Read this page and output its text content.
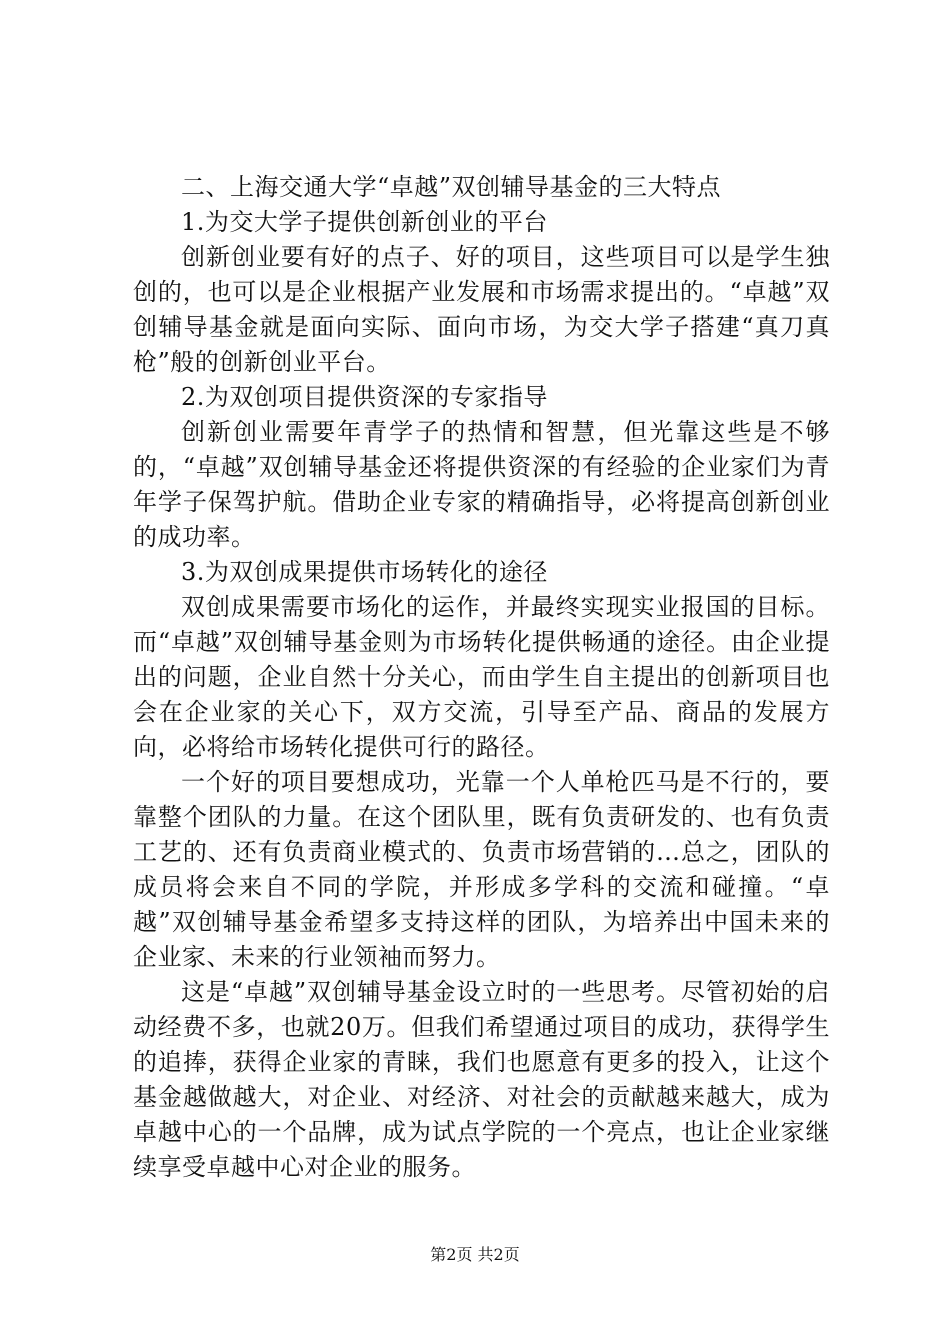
二、上海交通大学“卓越”双创辅导基金的三大特点

1.为交大学子提供创新创业的平台

创新创业要有好的点子、好的项目，这些项目可以是学生独创的，也可以是企业根据产业发展和市场需求提出的。“卓越”双创辅导基金就是面向实际、面向市场，为交大学子搭建“真刀真枪”般的创新创业平台。

2.为双创项目提供资深的专家指导

创新创业需要年青学子的热情和智慧，但光靠这些是不够的，“卓越”双创辅导基金还将提供资深的有经验的企业家们为青年学子保驾护航。借助企业专家的精确指导，必将提高创新创业的成功率。

3.为双创成果提供市场转化的途径

双创成果需要市场化的运作，并最终实现实业报国的目标。而“卓越”双创辅导基金则为市场转化提供畅通的途径。由企业提出的问题，企业自然十分关心，而由学生自主提出的创新项目也会在企业家的关心下，双方交流，引导至产品、商品的发展方向，必将给市场转化提供可行的路径。

一个好的项目要想成功，光靠一个人单枪匹马是不行的，要靠整个团队的力量。在这个团队里，既有负责研发的、也有负责工艺的、还有负责商业模式的、负责市场营销的…总之，团队的成员将会来自不同的学院，并形成多学科的交流和碰撞。“卓越”双创辅导基金希望多支持这样的团队，为培养出中国未来的企业家、未来的行业领袖而努力。

这是“卓越”双创辅导基金设立时的一些思考。尽管初始的启动经费不多，也就20万。但我们希望通过项目的成功，获得学生的追捧，获得企业家的青睐，我们也愿意有更多的投入，让这个基金越做越大，对企业、对经济、对社会的贡献越来越大，成为卓越中心的一个品牌，成为试点学院的一个亮点，也让企业家继续享受卓越中心对企业的服务。

第2页 共2页
